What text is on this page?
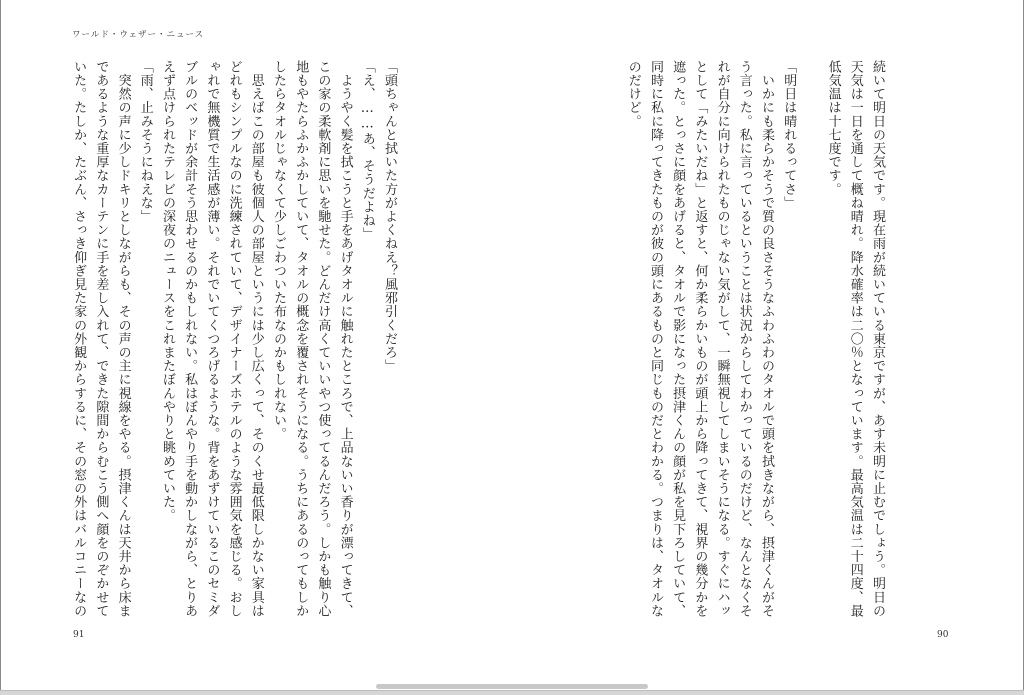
ワールド・ウェザー・ニュース

続いて明日の天気です。現在雨が続いている東京ですが、あす未明に止むでしょう。明日の天気は一日を通して概ね晴れ。降水確率は二〇％となっています。最高気温は二十四度、最低気温は十七度です。

「明日は晴れるってさ」

　いかにも柔らかそうで質の良さそうなふわふわのタオルで頭を拭きながら、摂津くんがそう言った。私に言っているということは状況からしてわかっているのだけど、なんとなくそれが自分に向けられたものじゃない気がして、一瞬無視してしまいそうになる。すぐにハッとして「みたいだね」と返すと、何か柔らかいものが頭上から降ってきて、視界の幾分かを遮った。とっさに顔をあげると、タオルで影になった摂津くんの顔が私を見下ろしていて、同時に私に降ってきたものが彼の頭にあるものと同じものだとわかる。つまりは、タオルなのだけど。

「頭ちゃんと拭いた方がよくねえ？風邪引くだろ」

「え、……あ、そうだよね」

　ようやく髪を拭こうと手をあげタオルに触れたところで、上品ないい香りが漂ってきて、この家の柔軟剤に思いを馳せた。どんだけ高くていいやつ使ってるんだろう。しかも触り心地もやたらふかふかしていて、タオルの概念を覆されそうになる。うちにあるのってもしかしたらタオルじゃなくて少しごわついた布なのかもしれない。

　思えばこの部屋も彼個人の部屋というには少し広くって、そのくせ最低限しかない家具はどれもシンプルなのに洗練されていて、デザイナーズホテルのような雰囲気を感じる。おしゃれで無機質で生活感が薄い。それでいてくつろげるような。背をあずけているこのセミダブルのベッドが余計そう思わせるのかもしれない。私はぼんやり手を動かしながら、とりあえず点けられたテレビの深夜のニュースをこれまたぼんやりと眺めていた。

「雨、止みそうにねえな」

　突然の声に少しドキリとしながらも、その声の主に視線をやる。摂津くんは天井から床まであるような重厚なカーテンに手を差し入れて、できた隙間からむこう側へ顔をのぞかせていた。たしか、たぶん、さっき仰ぎ見た家の外観からするに、その窓の外はバルコニーなの

91	90
